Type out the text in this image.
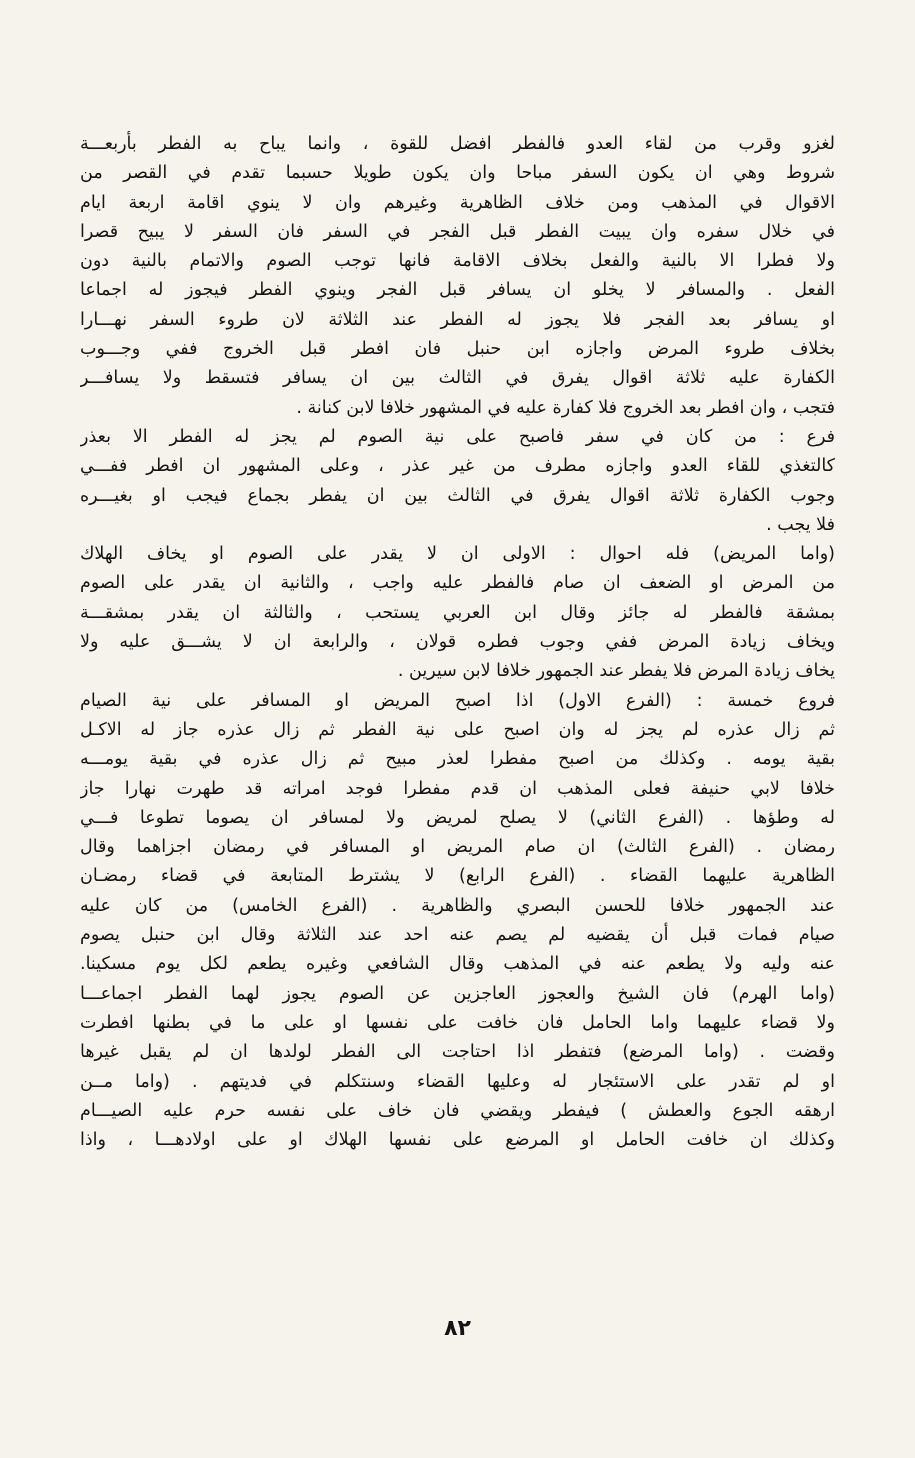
لغزو وقرب من لقاء العدو فالفطر افضل للقوة ، وانما يباح به الفطر بأربعـــة
شروط وهي ان يكون السفر مباحا وان يكون طويلا حسبما تقدم في القصر من
الاقوال في المذهب ومن خلاف الظاهرية وغيرهم وان لا ينوي اقامة اربعة ايام
في خلال سفره وان يبيت الفطر قبل الفجر في السفر فان السفر لا يبيح قصرا
ولا فطرا الا بالنية والفعل بخلاف الاقامة فانها توجب الصوم والاتمام بالنية دون
الفعل . والمسافر لا يخلو ان يسافر قبل الفجر وينوي الفطر فيجوز له اجماعا
او يسافر بعد الفجر فلا يجوز له الفطر عند الثلاثة لان طروء السفر نهـــارا
بخلاف طروء المرض واجازه ابن حنبل فان افطر قبل الخروج ففي وجـــوب
الكفارة عليه ثلاثة اقوال يفرق في الثالث بين ان يسافر فتسقط ولا يسافـــر
فتجب ، وان افطر بعد الخروج فلا كفارة عليه في المشهور خلافا لابن كنانة .
فرع : من كان في سفر فاصبح على نية الصوم لم يجز له الفطر الا بعذر
كالتغذي للقاء العدو واجازه مطرف من غير عذر ، وعلى المشهور ان افطر ففـــي
وجوب الكفارة ثلاثة اقوال يفرق في الثالث بين ان يفطر بجماع فيجب او بغيـــره
فلا يجب .
(واما المريض) فله احوال : الاولى ان لا يقدر على الصوم او يخاف الهلاك
من المرض او الضعف ان صام فالفطر عليه واجب ، والثانية ان يقدر على الصوم
بمشقة فالفطر له جائز وقال ابن العربي يستحب ، والثالثة ان يقدر بمشقـــة
ويخاف زيادة المرض ففي وجوب فطره قولان ، والرابعة ان لا يشـــق عليه ولا
يخاف زيادة المرض فلا يفطر عند الجمهور خلافا لابن سيرين .
فروع خمسة : (الفرع الاول) اذا اصبح المريض او المسافر على نية الصيام
ثم زال عذره لم يجز له وان اصبح على نية الفطر ثم زال عذره جاز له الاكـل
بقية يومه . وكذلك من اصبح مفطرا لعذر مبيح ثم زال عذره في بقية يومـــه
خلافا لابي حنيفة فعلى المذهب ان قدم مفطرا فوجد امراته قد طهرت نهارا جاز
له وطؤها . (الفرع الثاني) لا يصلح لمريض ولا لمسافر ان يصوما تطوعا فـــي
رمضان . (الفرع الثالث) ان صام المريض او المسافر في رمضان اجزاهما وقال
الظاهرية عليهما القضاء . (الفرع الرابع) لا يشترط المتابعة في قضاء رمضـان
عند الجمهور خلافا للحسن البصري والظاهرية . (الفرع الخامس) من كان عليه
صيام فمات قبل أن يقضيه لم يصم عنه احد عند الثلاثة وقال ابن حنبل يصوم
عنه وليه ولا يطعم عنه في المذهب وقال الشافعي وغيره يطعم لكل يوم مسكينا.
(واما الهرم) فان الشيخ والعجوز العاجزين عن الصوم يجوز لهما الفطر اجماعـــا
ولا قضاء عليهما واما الحامل فان خافت على نفسها او على ما في بطنها افطرت
وقضت . (واما المرضع) فتفطر اذا احتاجت الى الفطر لولدها ان لم يقبل غيرها
او لم تقدر على الاستئجار له وعليها القضاء وسنتكلم في فديتهم . (واما مــن
ارهقه الجوع والعطش ) فيفطر ويقضي فان خاف على نفسه حرم عليه الصيـــام
وكذلك ان خافت الحامل او المرضع على نفسها الهلاك او على اولادهـــا ، واذا
٨٢
